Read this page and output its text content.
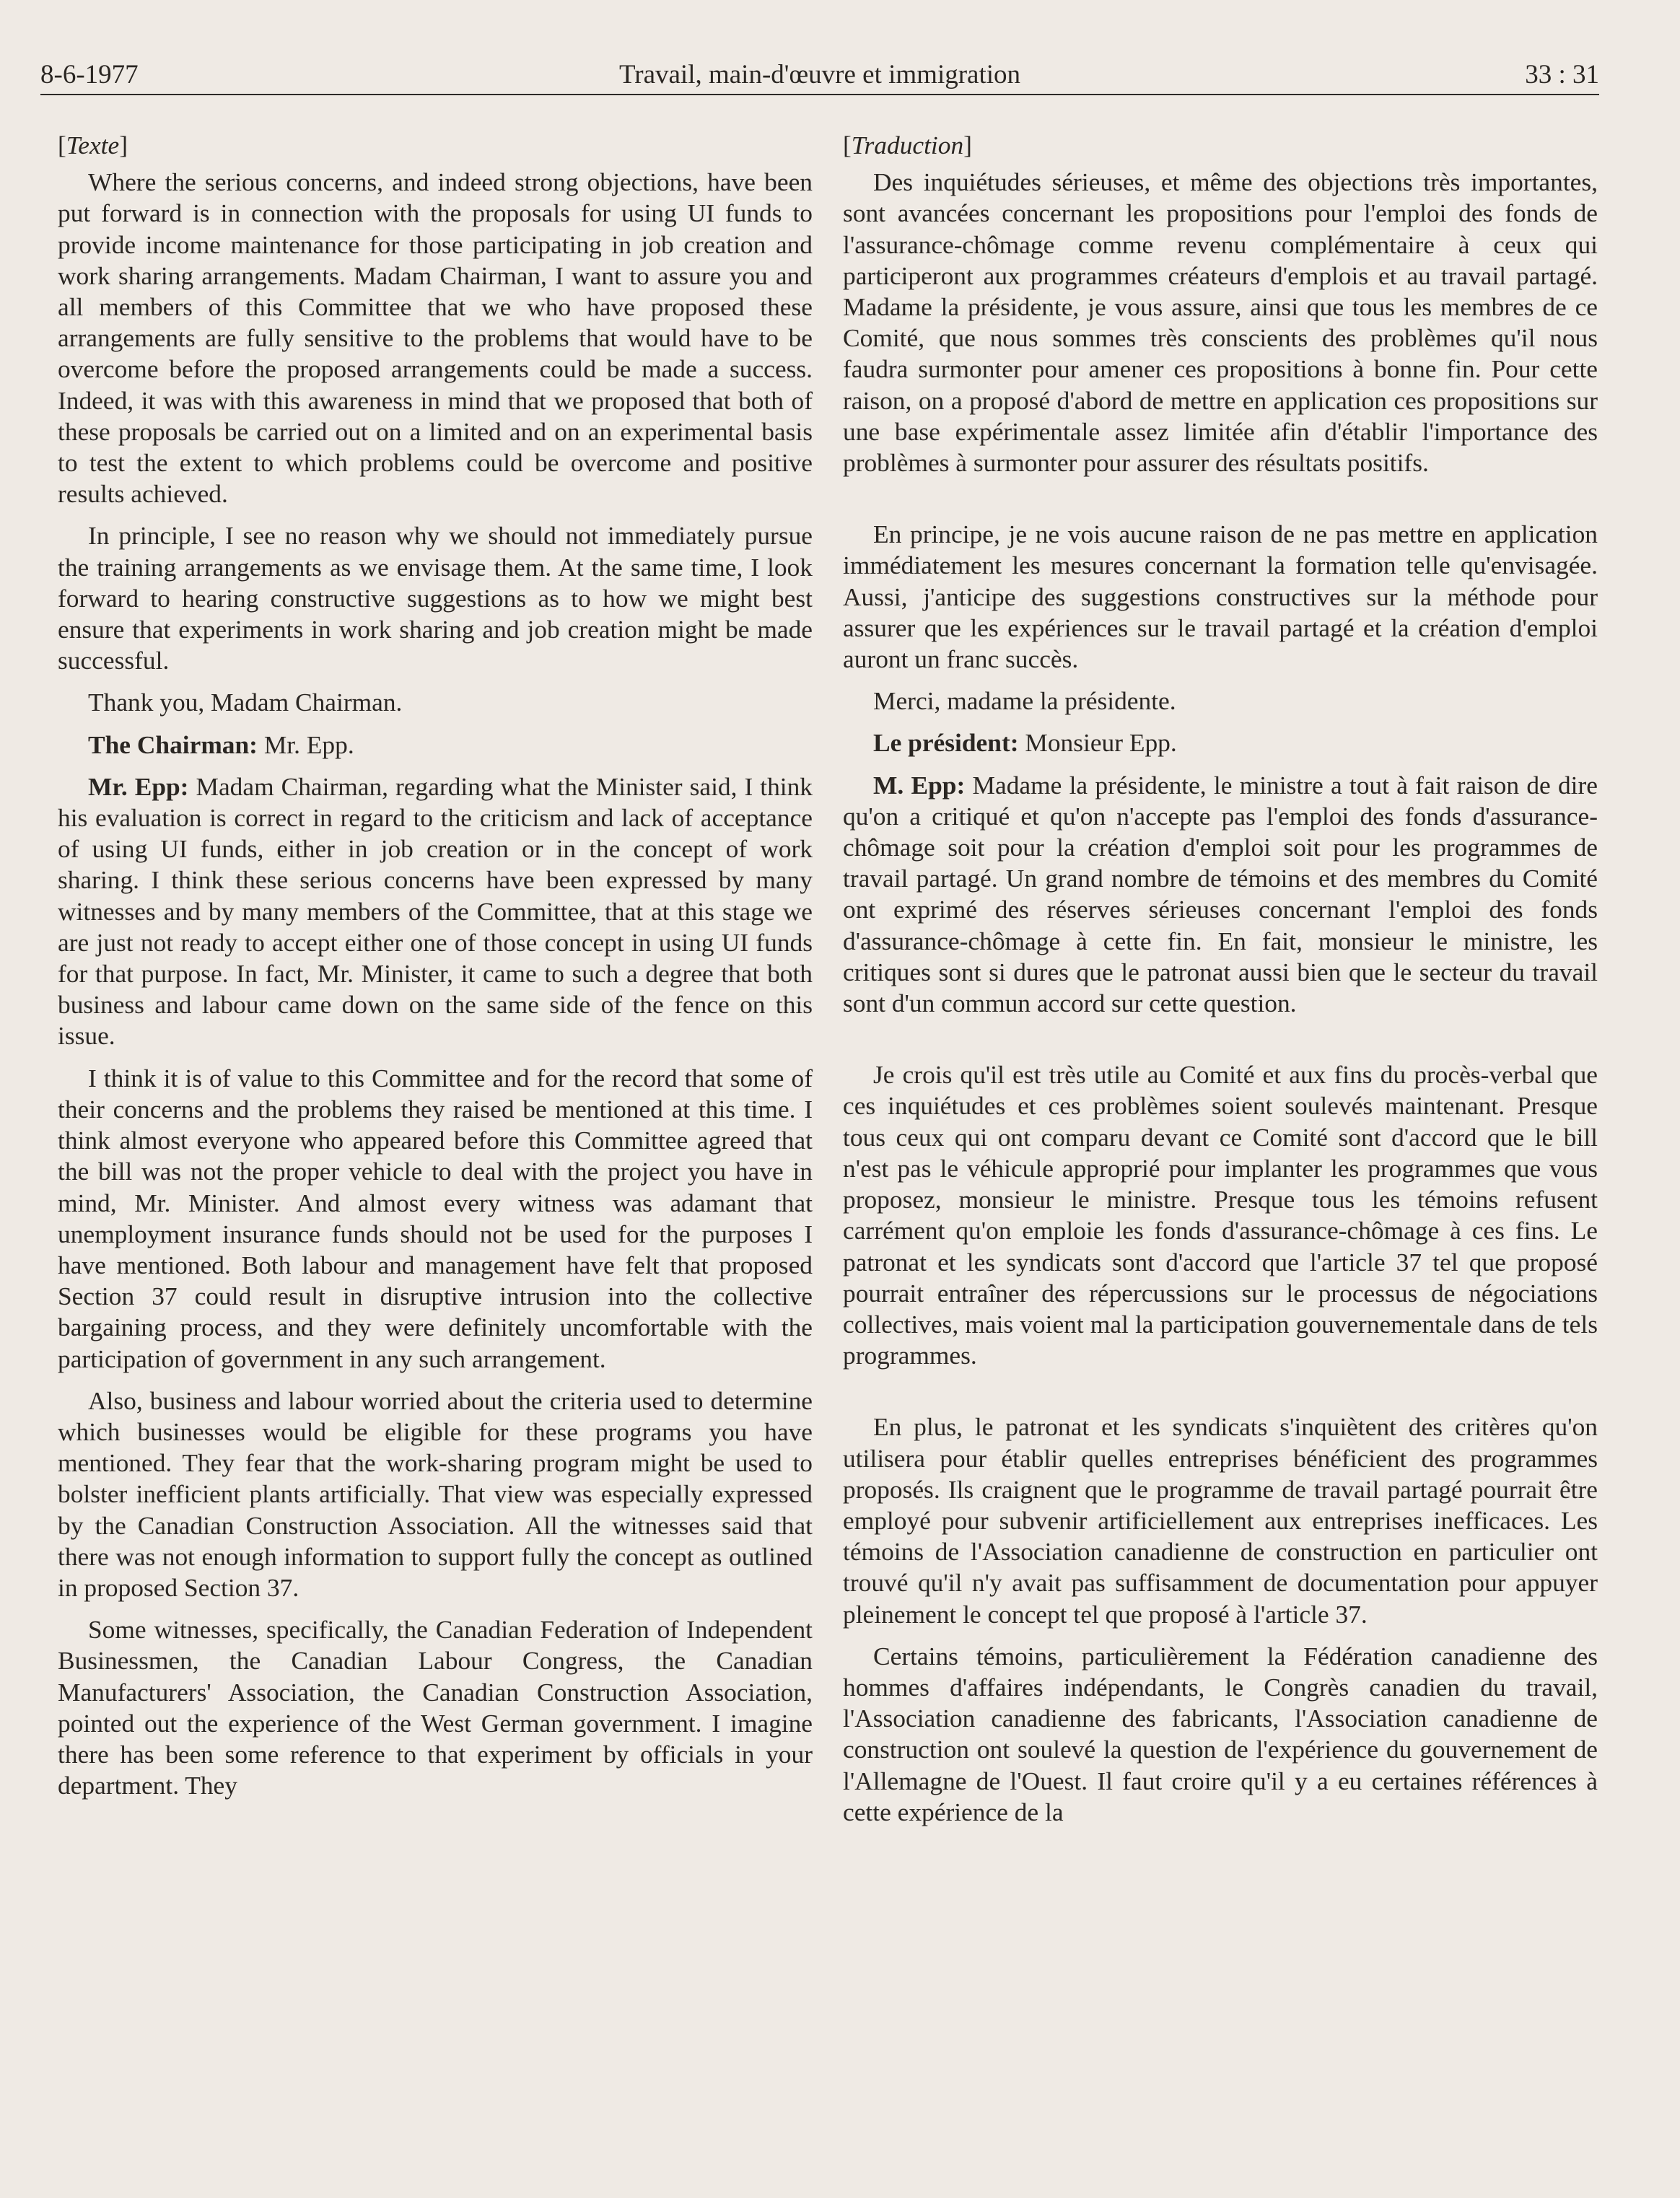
8-6-1977	Travail, main-d'œuvre et immigration	33 : 31

[Texte]

Where the serious concerns, and indeed strong objections, have been put forward is in connection with the proposals for using UI funds to provide income maintenance for those participating in job creation and work sharing arrangements. Madam Chairman, I want to assure you and all members of this Committee that we who have proposed these arrangements are fully sensitive to the problems that would have to be overcome before the proposed arrangements could be made a success. Indeed, it was with this awareness in mind that we proposed that both of these proposals be carried out on a limited and on an experimental basis to test the extent to which problems could be overcome and positive results achieved.

In principle, I see no reason why we should not immediately pursue the training arrangements as we envisage them. At the same time, I look forward to hearing constructive suggestions as to how we might best ensure that experiments in work sharing and job creation might be made successful.

Thank you, Madam Chairman.

The Chairman: Mr. Epp.

Mr. Epp: Madam Chairman, regarding what the Minister said, I think his evaluation is correct in regard to the criticism and lack of acceptance of using UI funds, either in job creation or in the concept of work sharing. I think these serious concerns have been expressed by many witnesses and by many members of the Committee, that at this stage we are just not ready to accept either one of those concept in using UI funds for that purpose. In fact, Mr. Minister, it came to such a degree that both business and labour came down on the same side of the fence on this issue.

I think it is of value to this Committee and for the record that some of their concerns and the problems they raised be mentioned at this time. I think almost everyone who appeared before this Committee agreed that the bill was not the proper vehicle to deal with the project you have in mind, Mr. Minister. And almost every witness was adamant that unemployment insurance funds should not be used for the purposes I have mentioned. Both labour and management have felt that proposed Section 37 could result in disruptive intrusion into the collective bargaining process, and they were definitely uncomfortable with the participation of government in any such arrangement.

Also, business and labour worried about the criteria used to determine which businesses would be eligible for these programs you have mentioned. They fear that the work-sharing program might be used to bolster inefficient plants artificially. That view was especially expressed by the Canadian Construction Association. All the witnesses said that there was not enough information to support fully the concept as outlined in proposed Section 37.

Some witnesses, specifically, the Canadian Federation of Independent Businessmen, the Canadian Labour Congress, the Canadian Manufacturers' Association, the Canadian Construction Association, pointed out the experience of the West German government. I imagine there has been some reference to that experiment by officials in your department. They

[Traduction]

Des inquiétudes sérieuses, et même des objections très importantes, sont avancées concernant les propositions pour l'emploi des fonds de l'assurance-chômage comme revenu complémentaire à ceux qui participeront aux programmes créateurs d'emplois et au travail partagé. Madame la présidente, je vous assure, ainsi que tous les membres de ce Comité, que nous sommes très conscients des problèmes qu'il nous faudra surmonter pour amener ces propositions à bonne fin. Pour cette raison, on a proposé d'abord de mettre en application ces propositions sur une base expérimentale assez limitée afin d'établir l'importance des problèmes à surmonter pour assurer des résultats positifs.

En principe, je ne vois aucune raison de ne pas mettre en application immédiatement les mesures concernant la formation telle qu'envisagée. Aussi, j'anticipe des suggestions constructives sur la méthode pour assurer que les expériences sur le travail partagé et la création d'emploi auront un franc succès.

Merci, madame la présidente.

Le président: Monsieur Epp.

M. Epp: Madame la présidente, le ministre a tout à fait raison de dire qu'on a critiqué et qu'on n'accepte pas l'emploi des fonds d'assurance-chômage soit pour la création d'emploi soit pour les programmes de travail partagé. Un grand nombre de témoins et des membres du Comité ont exprimé des réserves sérieuses concernant l'emploi des fonds d'assurance-chômage à cette fin. En fait, monsieur le ministre, les critiques sont si dures que le patronat aussi bien que le secteur du travail sont d'un commun accord sur cette question.

Je crois qu'il est très utile au Comité et aux fins du procès-verbal que ces inquiétudes et ces problèmes soient soulevés maintenant. Presque tous ceux qui ont comparu devant ce Comité sont d'accord que le bill n'est pas le véhicule approprié pour implanter les programmes que vous proposez, monsieur le ministre. Presque tous les témoins refusent carrément qu'on emploie les fonds d'assurance-chômage à ces fins. Le patronat et les syndicats sont d'accord que l'article 37 tel que proposé pourrait entraîner des répercussions sur le processus de négociations collectives, mais voient mal la participation gouvernementale dans de tels programmes.

En plus, le patronat et les syndicats s'inquiètent des critères qu'on utilisera pour établir quelles entreprises bénéficient des programmes proposés. Ils craignent que le programme de travail partagé pourrait être employé pour subvenir artificiellement aux entreprises inefficaces. Les témoins de l'Association canadienne de construction en particulier ont trouvé qu'il n'y avait pas suffisamment de documentation pour appuyer pleinement le concept tel que proposé à l'article 37.

Certains témoins, particulièrement la Fédération canadienne des hommes d'affaires indépendants, le Congrès canadien du travail, l'Association canadienne des fabricants, l'Association canadienne de construction ont soulevé la question de l'expérience du gouvernement de l'Allemagne de l'Ouest. Il faut croire qu'il y a eu certaines références à cette expérience de la
